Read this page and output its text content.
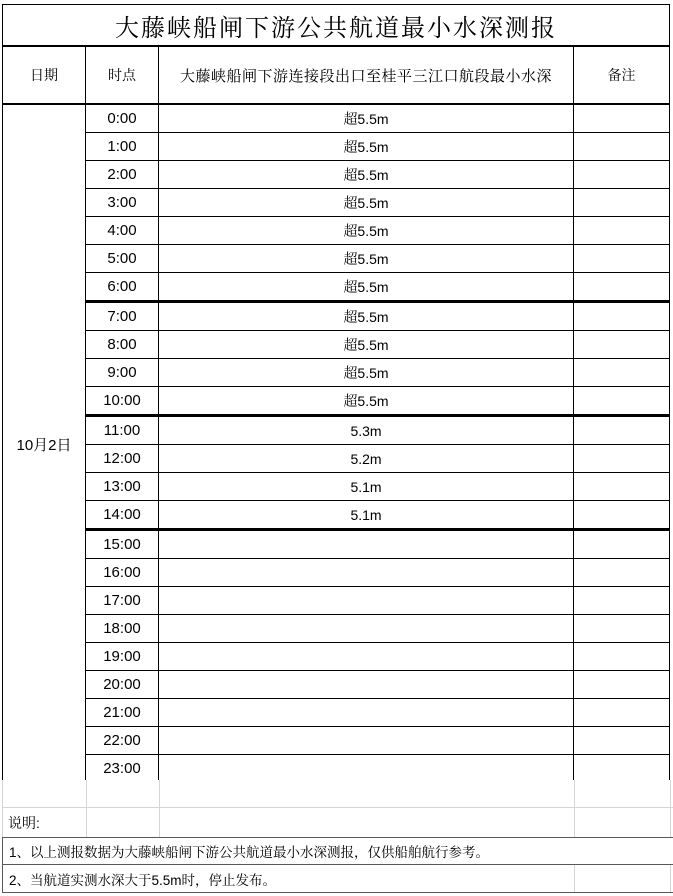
大藤峡船闸下游公共航道最小水深测报			
日期	时点	大藤峡船闸下游连接段出口至桂平三江口航段最小水深	备注
10月2日	0:00	超5.5m	
	1:00	超5.5m	
	2:00	超5.5m	
	3:00	超5.5m	
	4:00	超5.5m	
	5:00	超5.5m	
	6:00	超5.5m	
	7:00	超5.5m	
	8:00	超5.5m	
	9:00	超5.5m	
	10:00	超5.5m	
	11:00	5.3m	
	12:00	5.2m	
	13:00	5.1m	
	14:00	5.1m	
	15:00		
	16:00		
	17:00		
	18:00		
	19:00		
	20:00		
	21:00		
	22:00		
	23:00		
说明:
1、以上测报数据为大藤峡船闸下游公共航道最小水深测报，仅供船舶航行参考。
2、当航道实测水深大于5.5m时，停止发布。
